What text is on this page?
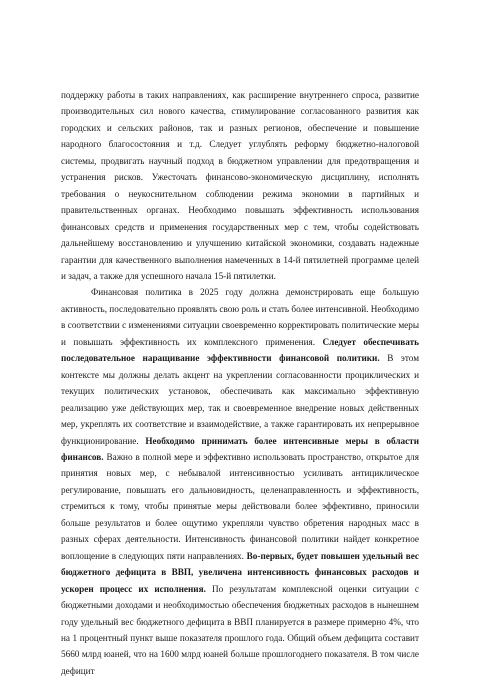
поддержку работы в таких направлениях, как расширение внутреннего спроса, развитие производительных сил нового качества, стимулирование согласованного развития как городских и сельских районов, так и разных регионов, обеспечение и повышение народного благосостояния и т.д. Следует углублять реформу бюджетно-налоговой системы, продвигать научный подход в бюджетном управлении для предотвращения и устранения рисков. Ужесточать финансово-экономическую дисциплину, исполнять требования о неукоснительном соблюдении режима экономии в партийных и правительственных органах. Необходимо повышать эффективность использования финансовых средств и применения государственных мер с тем, чтобы содействовать дальнейшему восстановлению и улучшению китайской экономики, создавать надежные гарантии для качественного выполнения намеченных в 14-й пятилетней программе целей и задач, а также для успешного начала 15-й пятилетки.

Финансовая политика в 2025 году должна демонстрировать еще большую активность, последовательно проявлять свою роль и стать более интенсивной. Необходимо в соответствии с изменениями ситуации своевременно корректировать политические меры и повышать эффективность их комплексного применения. Следует обеспечивать последовательное наращивание эффективности финансовой политики. В этом контексте мы должны делать акцент на укреплении согласованности проциклических и текущих политических установок, обеспечивать как максимально эффективную реализацию уже действующих мер, так и своевременное внедрение новых действенных мер, укреплять их соответствие и взаимодействие, а также гарантировать их непрерывное функционирование. Необходимо принимать более интенсивные меры в области финансов. Важно в полной мере и эффективно использовать пространство, открытое для принятия новых мер, с небывалой интенсивностью усиливать антициклическое регулирование, повышать его дальновидность, целенаправленность и эффективность, стремиться к тому, чтобы принятые меры действовали более эффективно, приносили больше результатов и более ощутимо укрепляли чувство обретения народных масс в разных сферах деятельности. Интенсивность финансовой политики найдет конкретное воплощение в следующих пяти направлениях. Во-первых, будет повышен удельный вес бюджетного дефицита в ВВП, увеличена интенсивность финансовых расходов и ускорен процесс их исполнения. По результатам комплексной оценки ситуации с бюджетными доходами и необходимостью обеспечения бюджетных расходов в нынешнем году удельный вес бюджетного дефицита в ВВП планируется в размере примерно 4%, что на 1 процентный пункт выше показателя прошлого года. Общий объем дефицита составит 5660 млрд юаней, что на 1600 млрд юаней больше прошлогоднего показателя. В том числе дефицит
